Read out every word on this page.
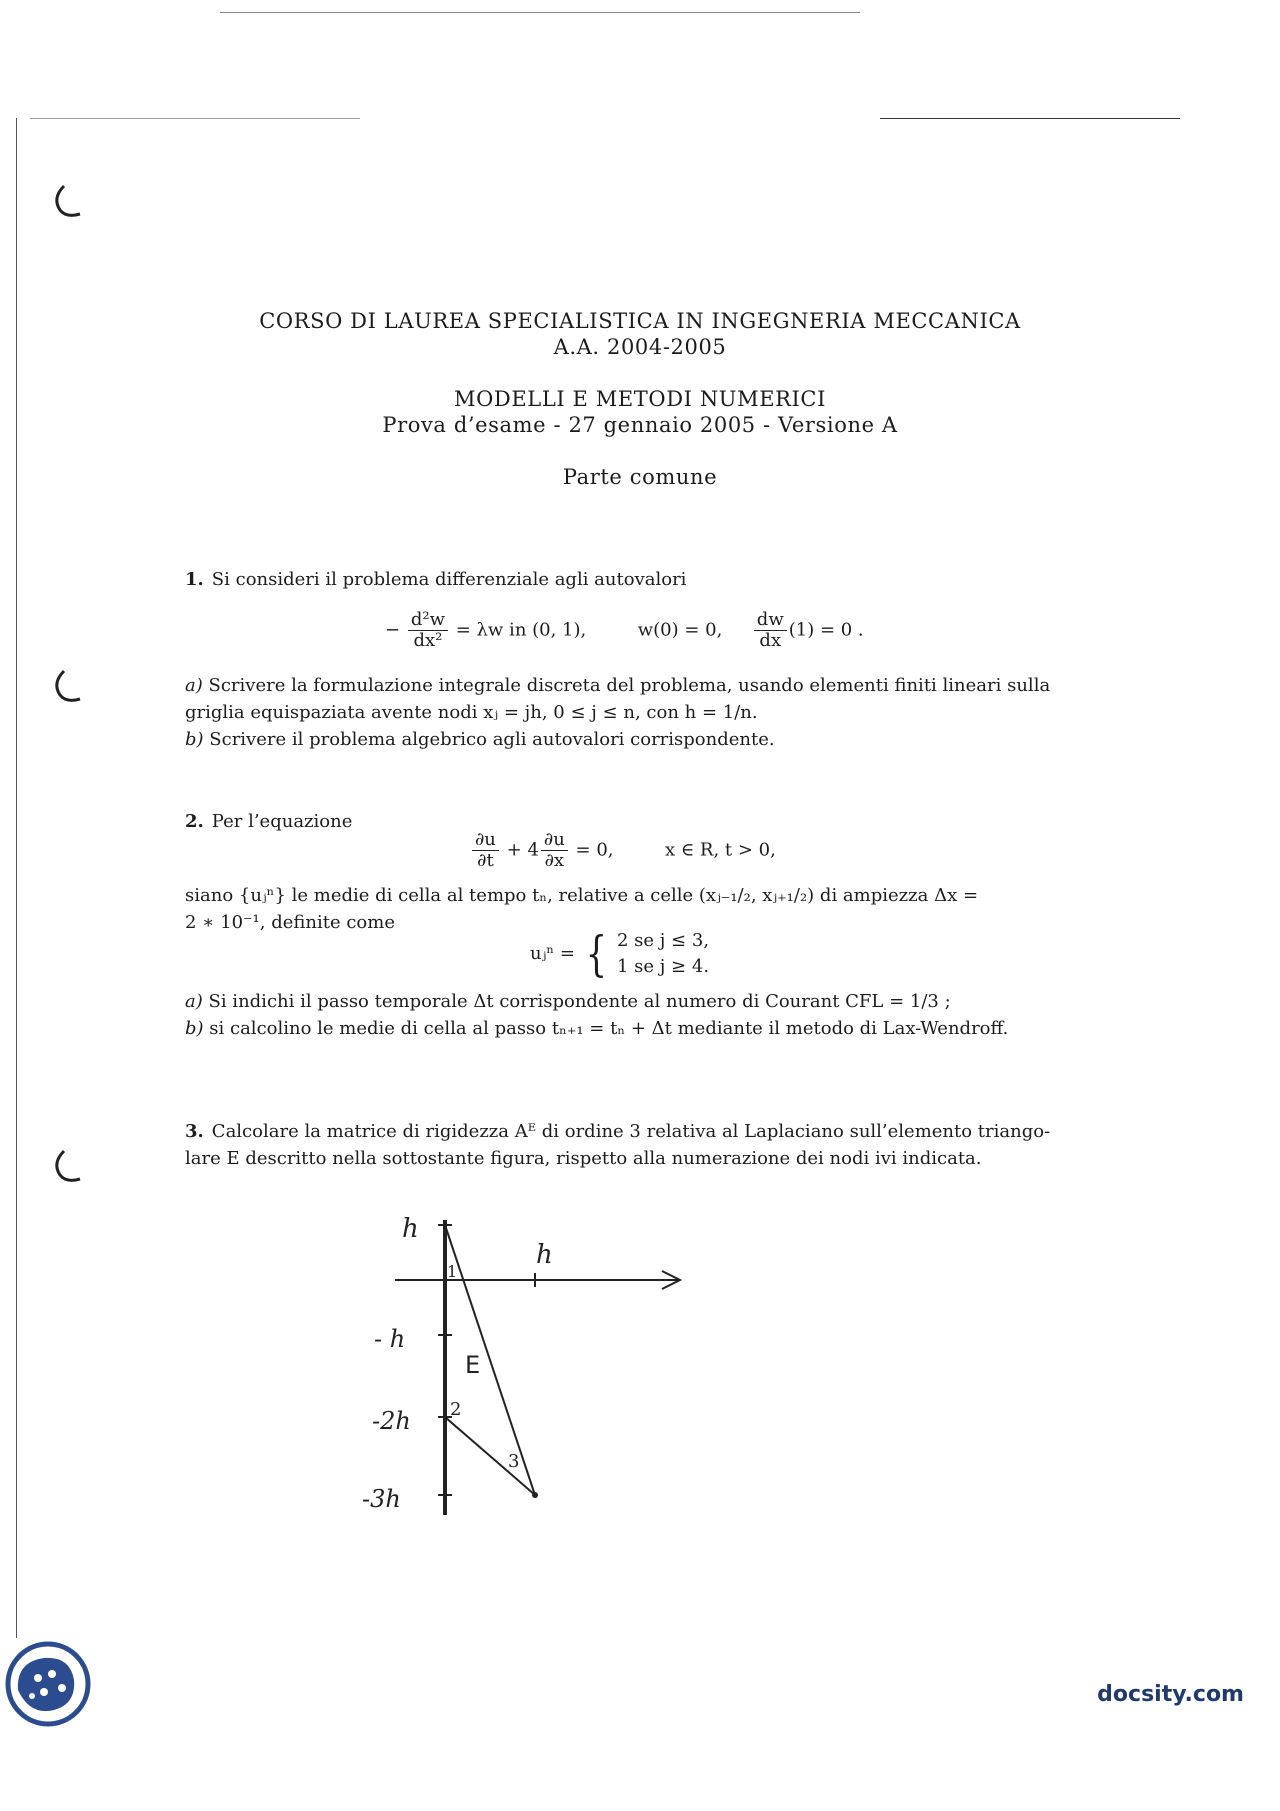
CORSO DI LAUREA SPECIALISTICA IN INGEGNERIA MECCANICA
A.A. 2004-2005
MODELLI E METODI NUMERICI
Prova d’esame - 27 gennaio 2005 - Versione A
Parte comune
1. Si consideri il problema differenziale agli autovalori
− $\frac{\text{d²w}}{\text{dx²}} = \lambda w$ in (0, 1),	w(0) = 0, $\frac{dw}{dx} (1) = 0$ .
a) Scrivere la formulazione integrale discreta del problema, usando elementi finiti lineari sulla
griglia equispaziata avente nodi xⱼ = jh, 0 ≤ j ≤ n, con h = 1/n.
b) Scrivere il problema algebrico agli autovalori corrispondente.
2. Per l’equazione
$\frac{\partial u}{\partial t} + 4 \frac{\partial u}{\partial x} = 0$,	x ∈ R, t > 0,
siano {uⱼⁿ} le medie di cella al tempo tₙ, relative a celle (xⱼ₋₁/₂, xⱼ₊₁/₂) di ampiezza Δx =
2 ∗ 10⁻¹, definite come
uⱼⁿ = { 2 se j ≤ 3,
1 se j ≥ 4.
a) Si indichi il passo temporale Δt corrispondente al numero di Courant CFL = 1/3 ;
b) si calcolino le medie di cella al passo tₙ₊₁ = tₙ + Δt mediante il metodo di Lax-Wendroff.
3. Calcolare la matrice di rigidezza Aᴱ di ordine 3 relativa al Laplaciano sull’elemento triango-
lare E descritto nella sottostante figura, rispetto alla numerazione dei nodi ivi indicata.
h
- h
-2h
-3h
h
1
2
3
E
docsity.com
